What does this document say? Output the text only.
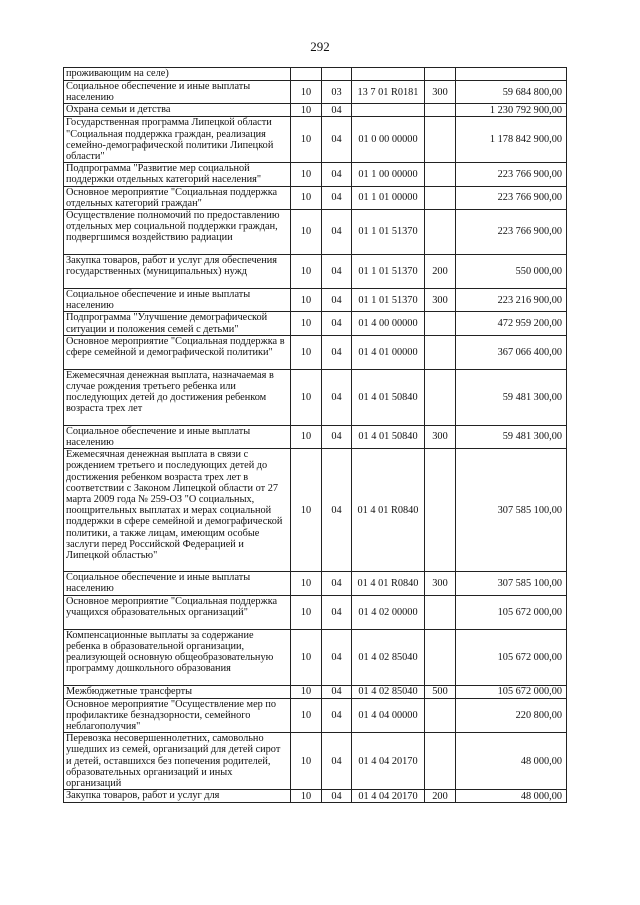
292
проживающим на селе)					
Социальное обеспечение и иные выплаты населению	10	03	13 7 01 R0181	300	59 684 800,00
Охрана семьи и детства	10	04			1 230 792 900,00
Государственная программа Липецкой области "Социальная поддержка граждан, реализация семейно-демографической политики Липецкой области"	10	04	01 0 00 00000		1 178 842 900,00
Подпрограмма "Развитие мер социальной поддержки отдельных категорий населения"	10	04	01 1 00 00000		223 766 900,00
Основное мероприятие "Социальная поддержка отдельных категорий граждан"	10	04	01 1 01 00000		223 766 900,00
Осуществление полномочий по предоставлению отдельных мер социальной поддержки граждан, подвергшимся воздействию радиации	10	04	01 1 01 51370		223 766 900,00
Закупка товаров, работ и услуг для обеспечения государственных (муниципальных) нужд	10	04	01 1 01 51370	200	550 000,00
Социальное обеспечение и иные выплаты населению	10	04	01 1 01 51370	300	223 216 900,00
Подпрограмма "Улучшение демографической ситуации и положения семей с детьми"	10	04	01 4 00 00000		472 959 200,00
Основное мероприятие "Социальная поддержка в сфере семейной и демографической политики"	10	04	01 4 01 00000		367 066 400,00
Ежемесячная денежная выплата, назначаемая в случае рождения третьего ребенка или последующих детей до достижения ребенком возраста трех лет	10	04	01 4 01 50840		59 481 300,00
Социальное обеспечение и иные выплаты населению	10	04	01 4 01 50840	300	59 481 300,00
Ежемесячная денежная выплата в связи с рождением третьего и последующих детей до достижения ребенком возраста трех лет в соответствии с Законом Липецкой области от 27 марта 2009 года № 259-ОЗ "О социальных, поощрительных выплатах и мерах социальной поддержки в сфере семейной и демографической политики, а также лицам, имеющим особые заслуги перед Российской Федерацией и Липецкой областью"	10	04	01 4 01 R0840		307 585 100,00
Социальное обеспечение и иные выплаты населению	10	04	01 4 01 R0840	300	307 585 100,00
Основное мероприятие "Социальная поддержка учащихся образовательных организаций"	10	04	01 4 02 00000		105 672 000,00
Компенсационные выплаты за содержание ребенка в образовательной организации, реализующей основную общеобразовательную программу дошкольного образования	10	04	01 4 02 85040		105 672 000,00
Межбюджетные трансферты	10	04	01 4 02 85040	500	105 672 000,00
Основное мероприятие "Осуществление мер по профилактике безнадзорности, семейного неблагополучия"	10	04	01 4 04 00000		220 800,00
Перевозка несовершеннолетних, самовольно ушедших из семей, организаций для детей сирот и детей, оставшихся без попечения родителей, образовательных организаций и иных организаций	10	04	01 4 04 20170		48 000,00
Закупка товаров, работ и услуг для	10	04	01 4 04 20170	200	48 000,00
